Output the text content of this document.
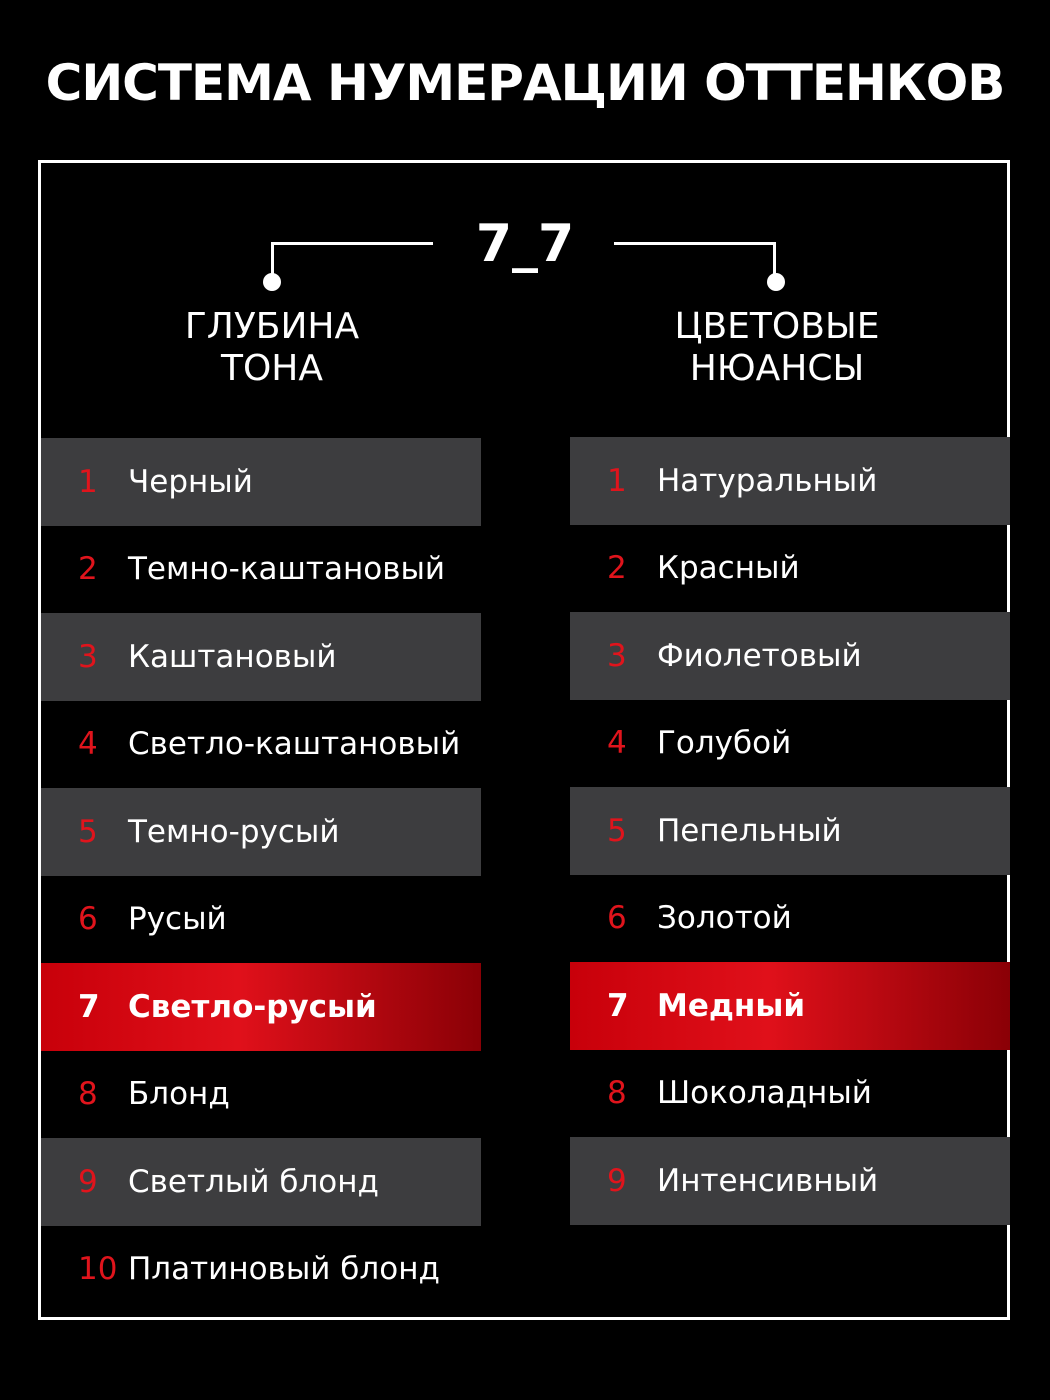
СИСТЕМА НУМЕРАЦИИ ОТТЕНКОВ
7_7
ГЛУБИНА
ТОНА
ЦВЕТОВЫЕ
НЮАНСЫ
1 Черный
2 Темно-каштановый
3 Каштановый
4 Светло-каштановый
5 Темно-русый
6 Русый
7 Светло-русый
8 Блонд
9 Светлый блонд
10 Платиновый блонд
1 Натуральный
2 Красный
3 Фиолетовый
4 Голубой
5 Пепельный
6 Золотой
7 Медный
8 Шоколадный
9 Интенсивный
